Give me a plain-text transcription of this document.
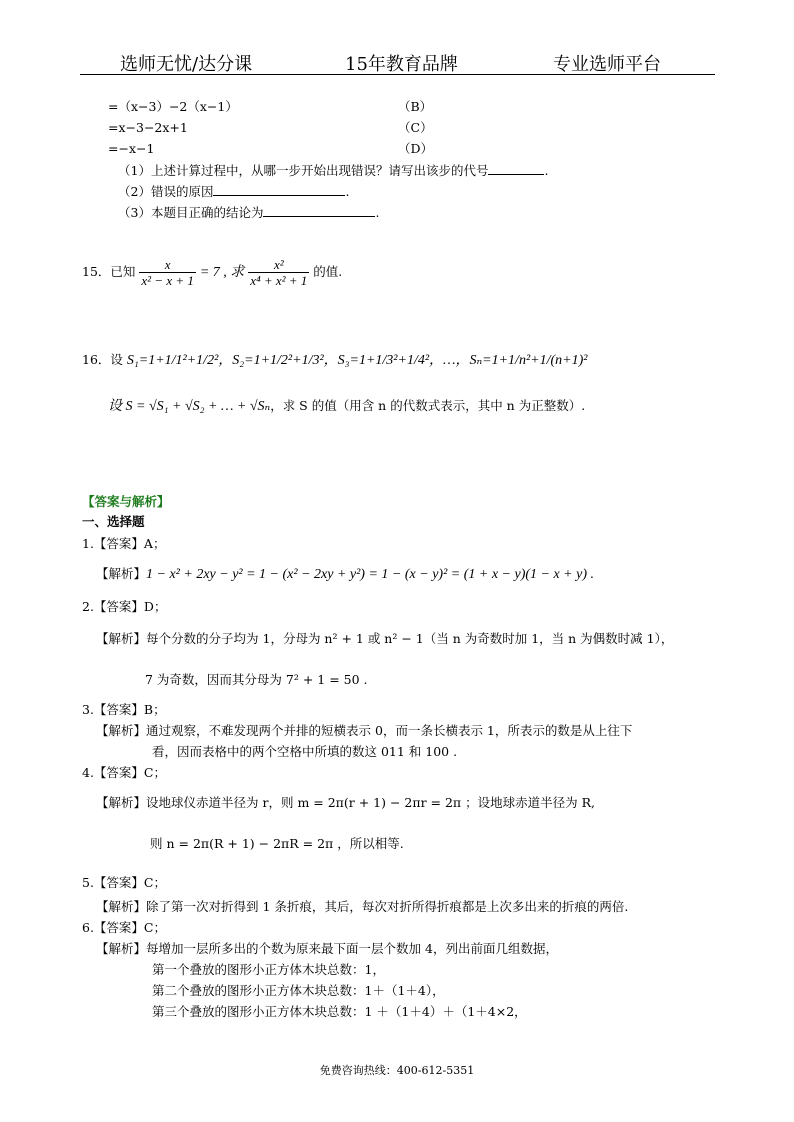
选师无忧/达分课	15年教育品牌	专业选师平台
=（x−3）−2（x−1）	（B）
=x−3−2x+1	（C）
=−x−1	（D）
（1）上述计算过程中，从哪一步开始出现错误？请写出该步的代号	.
（2）错误的原因	.
（3）本题目正确的结论为	.
15．已知 $\frac{x}{\text{x² − x + 1}} = 7$ , 求 $\frac{\text{x²}}{\text{x⁴ + x² + 1}}$ 的值.
16．设 S₁=1+1/1²+1/2²，S₂=1+1/2²+1/3²，S₃=1+1/3²+1/4²，…，Sₙ=1+1/n²+1/(n+1)²
设 S = √S₁ + √S₂ + … + √Sₙ，求 S 的值（用含 n 的代数式表示，其中 n 为正整数）.
【答案与解析】
一、选择题
1.【答案】A；
【解析】1 − x² + 2xy − y² = 1 − (x² − 2xy + y²) = 1 − (x − y)² = (1 + x − y)(1 − x + y) .
2.【答案】D；
【解析】每个分数的分子均为 1，分母为 n² + 1 或 n² − 1（当 n 为奇数时加 1，当 n 为偶数时减 1），
7 为奇数，因而其分母为 7² + 1 = 50 .
3.【答案】B；
【解析】通过观察，不难发现两个并排的短横表示 0，而一条长横表示 1，所表示的数是从上往下
看，因而表格中的两个空格中所填的数这 011 和 100 .
4.【答案】C；
【解析】设地球仪赤道半径为 r，则 m = 2π(r + 1) − 2πr = 2π ；设地球赤道半径为 R,
则 n = 2π(R + 1) − 2πR = 2π ，所以相等.
5.【答案】C；
【解析】除了第一次对折得到 1 条折痕，其后，每次对折所得折痕都是上次多出来的折痕的两倍.
6.【答案】C；
【解析】每增加一层所多出的个数为原来最下面一层个数加 4，列出前面几组数据，
第一个叠放的图形小正方体木块总数：1，
第二个叠放的图形小正方体木块总数：1＋（1＋4），
第三个叠放的图形小正方体木块总数：1 ＋（1＋4）＋（1＋4×2，
免费咨询热线：400-612-5351
